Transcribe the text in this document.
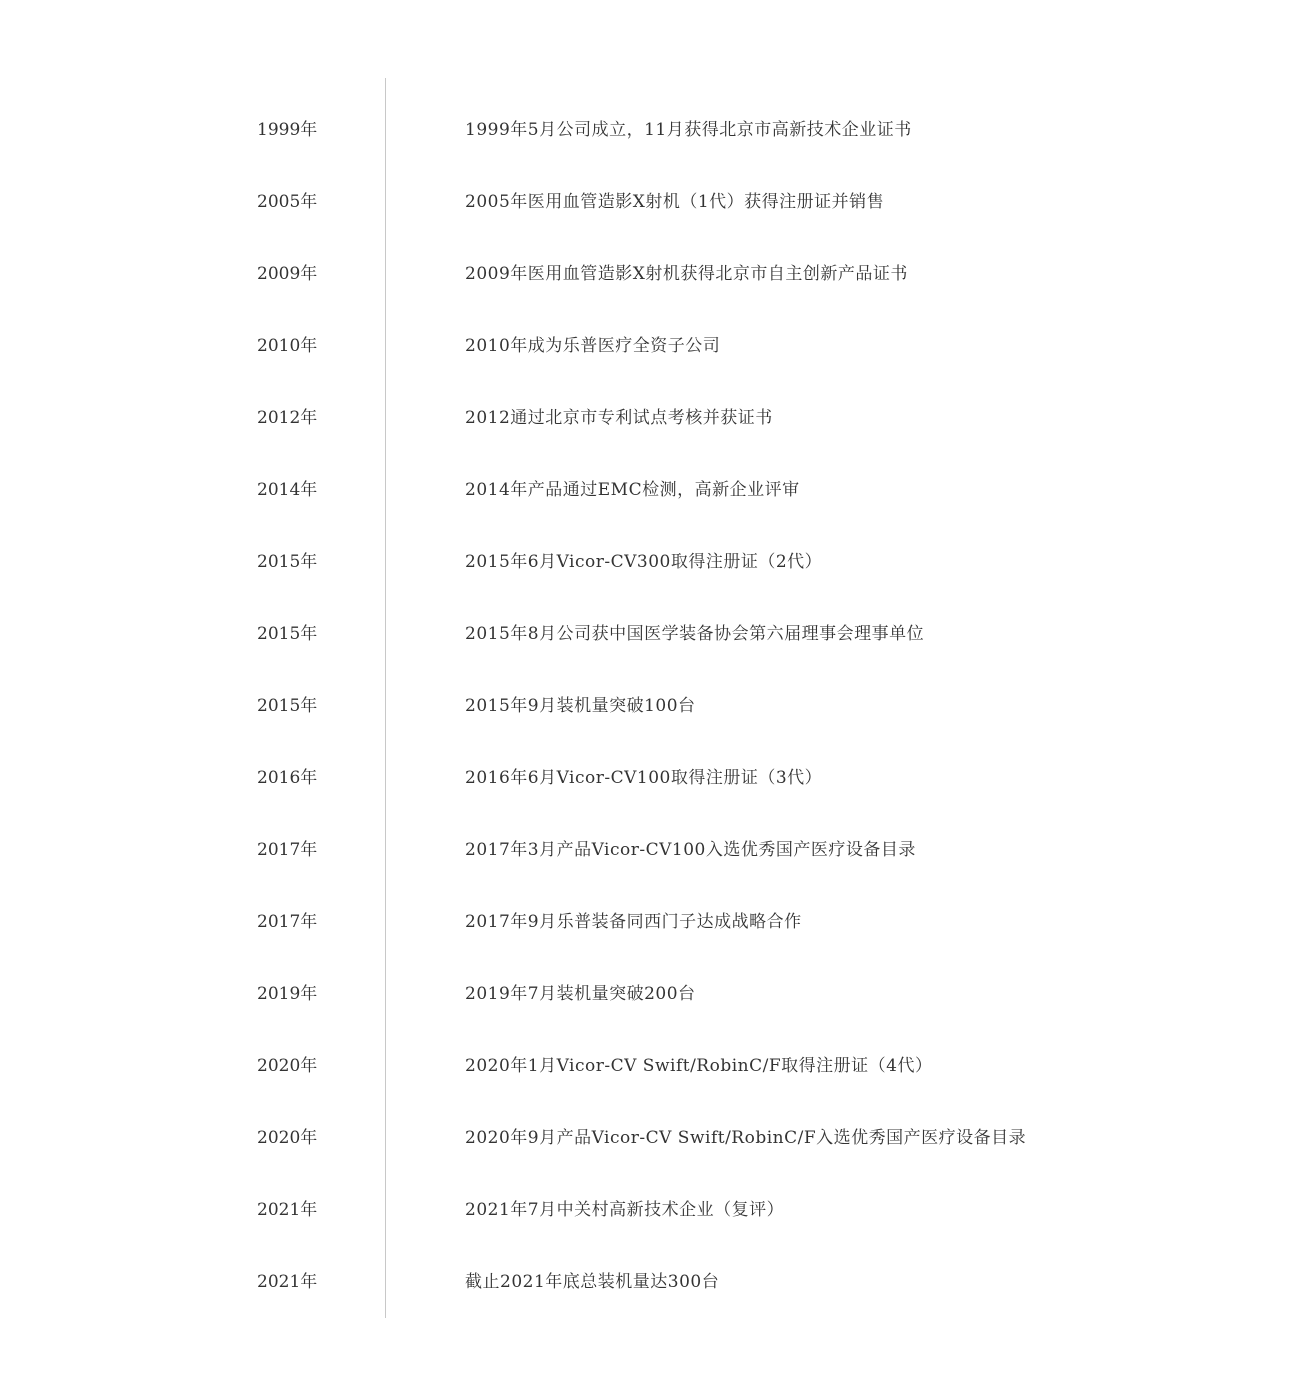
1999年	1999年5月公司成立，11月获得北京市高新技术企业证书
2005年	2005年医用血管造影X射机（1代）获得注册证并销售
2009年	2009年医用血管造影X射机获得北京市自主创新产品证书
2010年	2010年成为乐普医疗全资子公司
2012年	2012通过北京市专利试点考核并获证书
2014年	2014年产品通过EMC检测，高新企业评审
2015年	2015年6月Vicor-CV300取得注册证（2代）
2015年	2015年8月公司获中国医学装备协会第六届理事会理事单位
2015年	2015年9月装机量突破100台
2016年	2016年6月Vicor-CV100取得注册证（3代）
2017年	2017年3月产品Vicor-CV100入选优秀国产医疗设备目录
2017年	2017年9月乐普装备同西门子达成战略合作
2019年	2019年7月装机量突破200台
2020年	2020年1月Vicor-CV Swift/RobinC/F取得注册证（4代）
2020年	2020年9月产品Vicor-CV Swift/RobinC/F入选优秀国产医疗设备目录
2021年	2021年7月中关村高新技术企业（复评）
2021年	截止2021年底总装机量达300台
